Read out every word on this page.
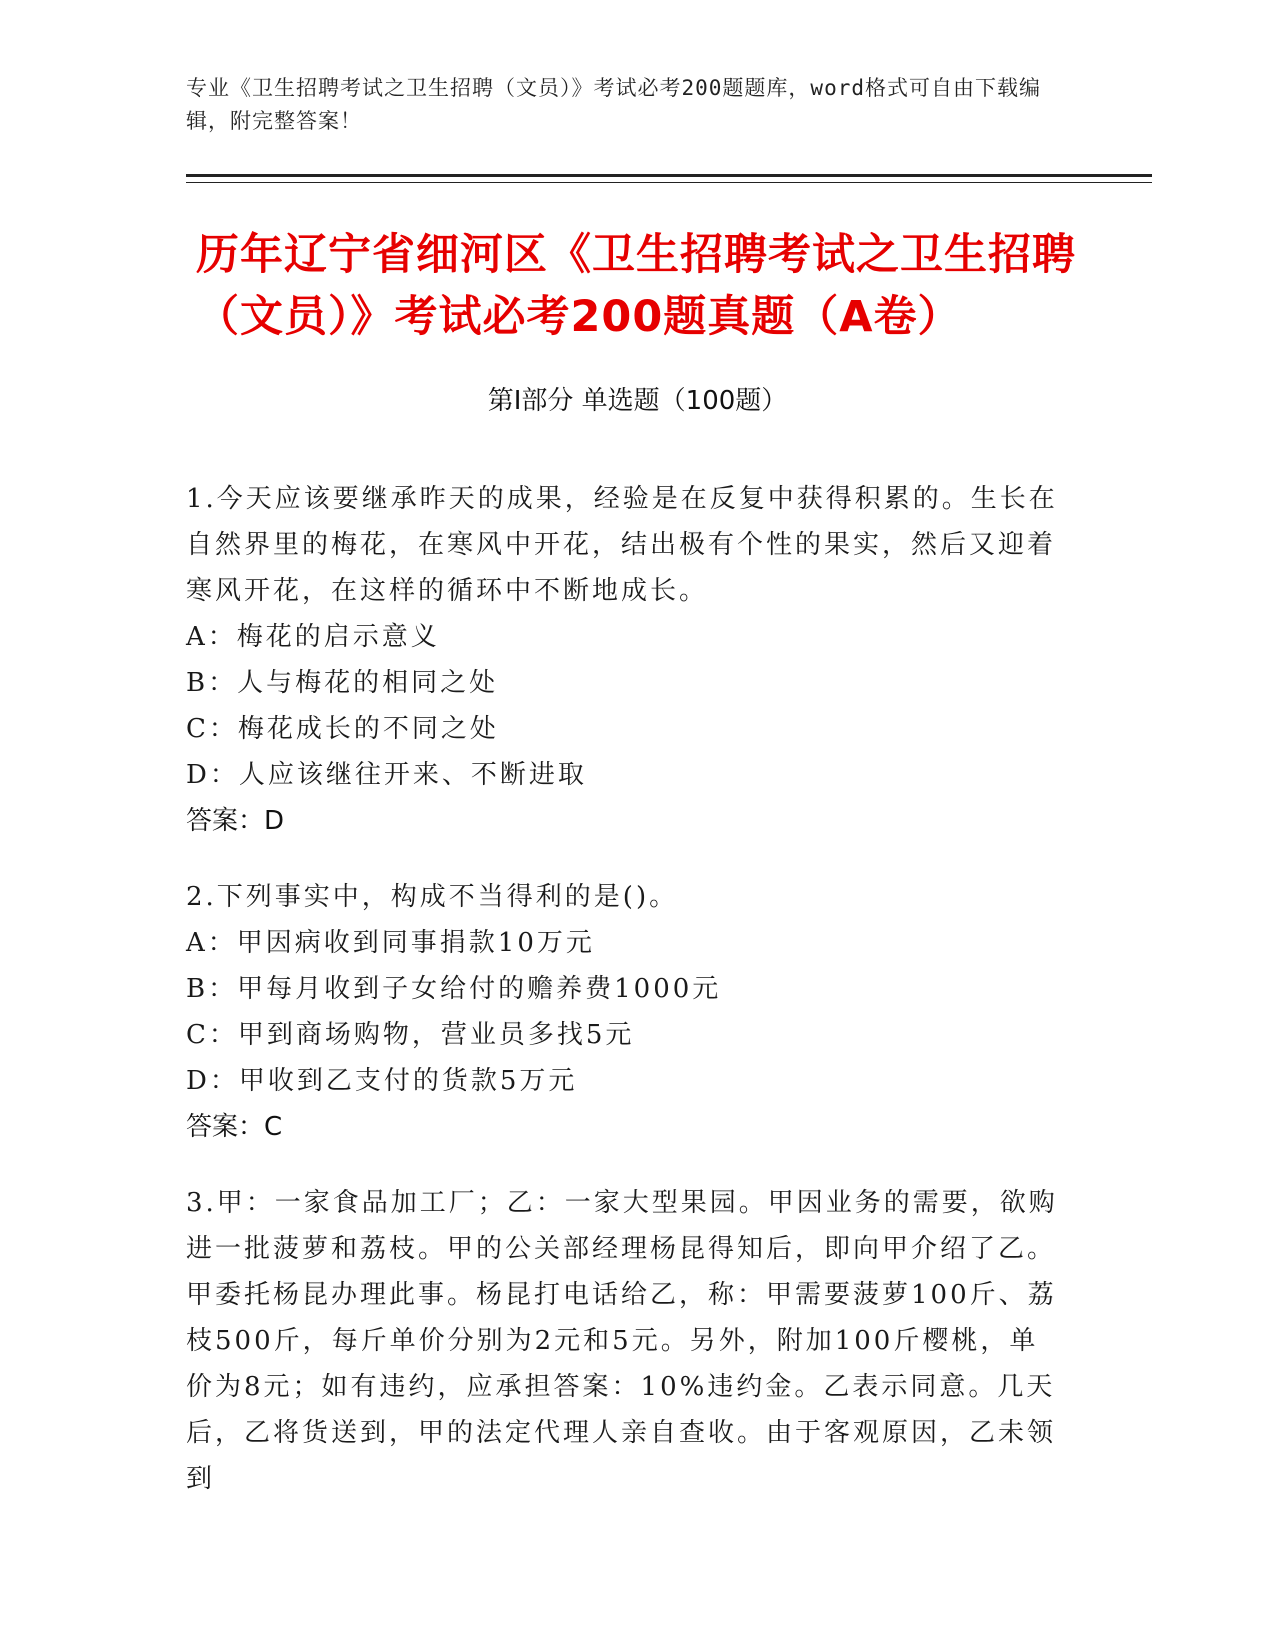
专业《卫生招聘考试之卫生招聘（文员）》考试必考200题题库，word格式可自由下载编辑，附完整答案！
历年辽宁省细河区《卫生招聘考试之卫生招聘（文员）》考试必考200题真题（A卷）
第Ⅰ部分 单选题（100题）
1.今天应该要继承昨天的成果，经验是在反复中获得积累的。生长在自然界里的梅花，在寒风中开花，结出极有个性的果实，然后又迎着寒风开花，在这样的循环中不断地成长。
A：梅花的启示意义
B：人与梅花的相同之处
C：梅花成长的不同之处
D：人应该继往开来、不断进取
答案：D
2.下列事实中，构成不当得利的是()。
A：甲因病收到同事捐款10万元
B：甲每月收到子女给付的赡养费1000元
C：甲到商场购物，营业员多找5元
D：甲收到乙支付的货款5万元
答案：C
3.甲：一家食品加工厂；乙：一家大型果园。甲因业务的需要，欲购进一批菠萝和荔枝。甲的公关部经理杨昆得知后，即向甲介绍了乙。甲委托杨昆办理此事。杨昆打电话给乙，称：甲需要菠萝100斤、荔枝500斤，每斤单价分别为2元和5元。另外，附加100斤樱桃，单价为8元；如有违约，应承担答案：10%违约金。乙表示同意。几天后，乙将货送到，甲的法定代理人亲自查收。由于客观原因，乙未领到
